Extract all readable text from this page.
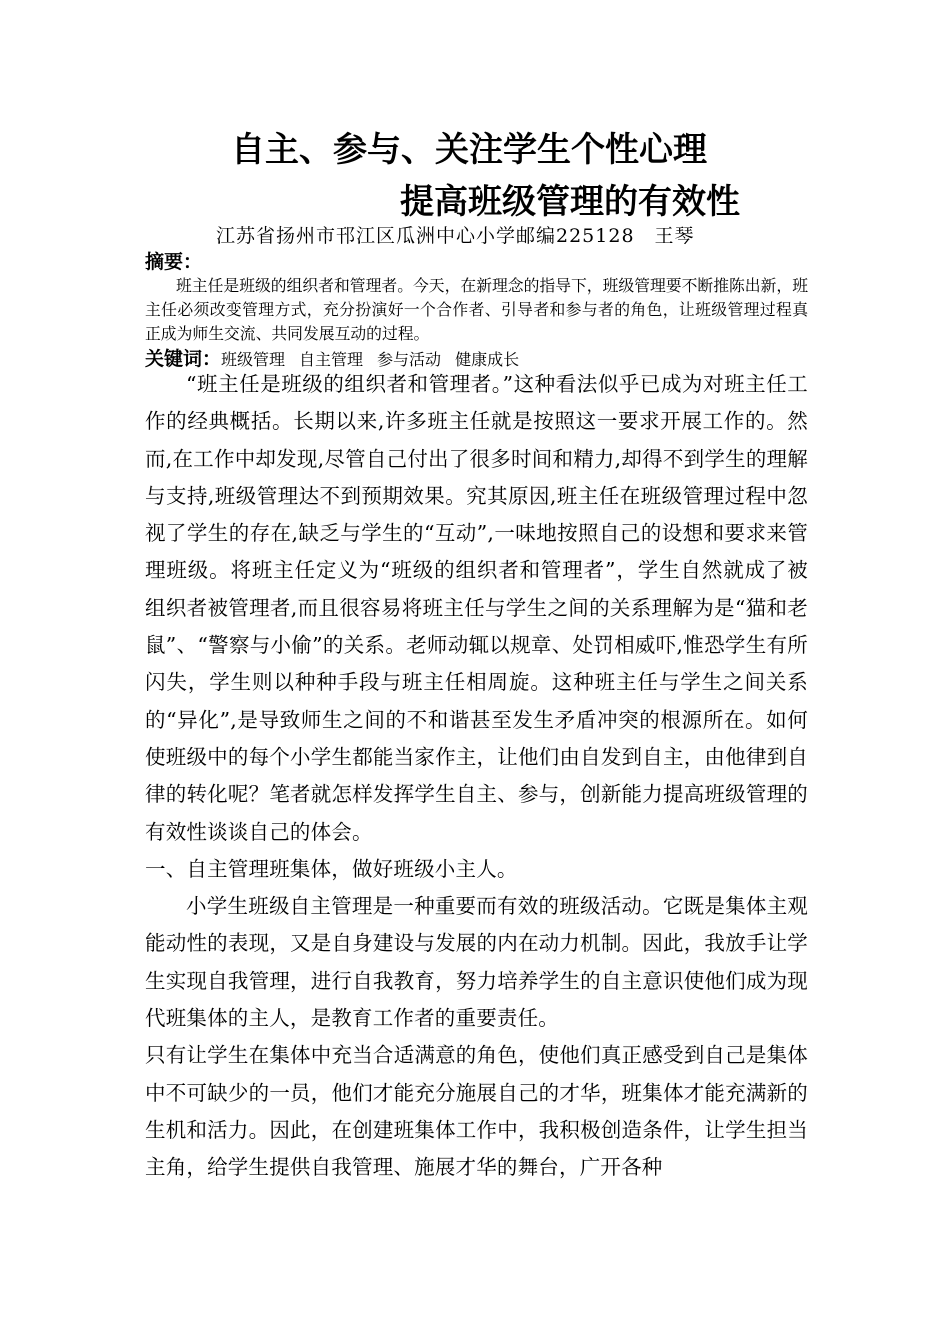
自主、参与、关注学生个性心理
提高班级管理的有效性
江苏省扬州市邗江区瓜洲中心小学邮编225128　王琴

摘要：

班主任是班级的组织者和管理者。今天，在新理念的指导下，班级管理要不断推陈出新，班主任必须改变管理方式，充分扮演好一个合作者、引导者和参与者的角色，让班级管理过程真正成为师生交流、共同发展互动的过程。

关键词：班级管理 自主管理 参与活动 健康成长

“班主任是班级的组织者和管理者。”这种看法似乎已成为对班主任工作的经典概括。长期以来,许多班主任就是按照这一要求开展工作的。然而,在工作中却发现,尽管自己付出了很多时间和精力,却得不到学生的理解与支持,班级管理达不到预期效果。究其原因,班主任在班级管理过程中忽视了学生的存在,缺乏与学生的“互动”,一味地按照自己的设想和要求来管理班级。将班主任定义为“班级的组织者和管理者”，学生自然就成了被组织者被管理者,而且很容易将班主任与学生之间的关系理解为是“猫和老鼠”、“警察与小偷”的关系。老师动辄以规章、处罚相威吓,惟恐学生有所闪失，学生则以种种手段与班主任相周旋。这种班主任与学生之间关系的“异化”,是导致师生之间的不和谐甚至发生矛盾冲突的根源所在。如何使班级中的每个小学生都能当家作主，让他们由自发到自主，由他律到自律的转化呢？笔者就怎样发挥学生自主、参与，创新能力提高班级管理的有效性谈谈自己的体会。

一、自主管理班集体，做好班级小主人。

小学生班级自主管理是一种重要而有效的班级活动。它既是集体主观能动性的表现，又是自身建设与发展的内在动力机制。因此，我放手让学生实现自我管理，进行自我教育，努力培养学生的自主意识使他们成为现代班集体的主人，是教育工作者的重要责任。

只有让学生在集体中充当合适满意的角色，使他们真正感受到自己是集体中不可缺少的一员，他们才能充分施展自己的才华，班集体才能充满新的生机和活力。因此，在创建班集体工作中，我积极创造条件，让学生担当主角，给学生提供自我管理、施展才华的舞台，广开各种
